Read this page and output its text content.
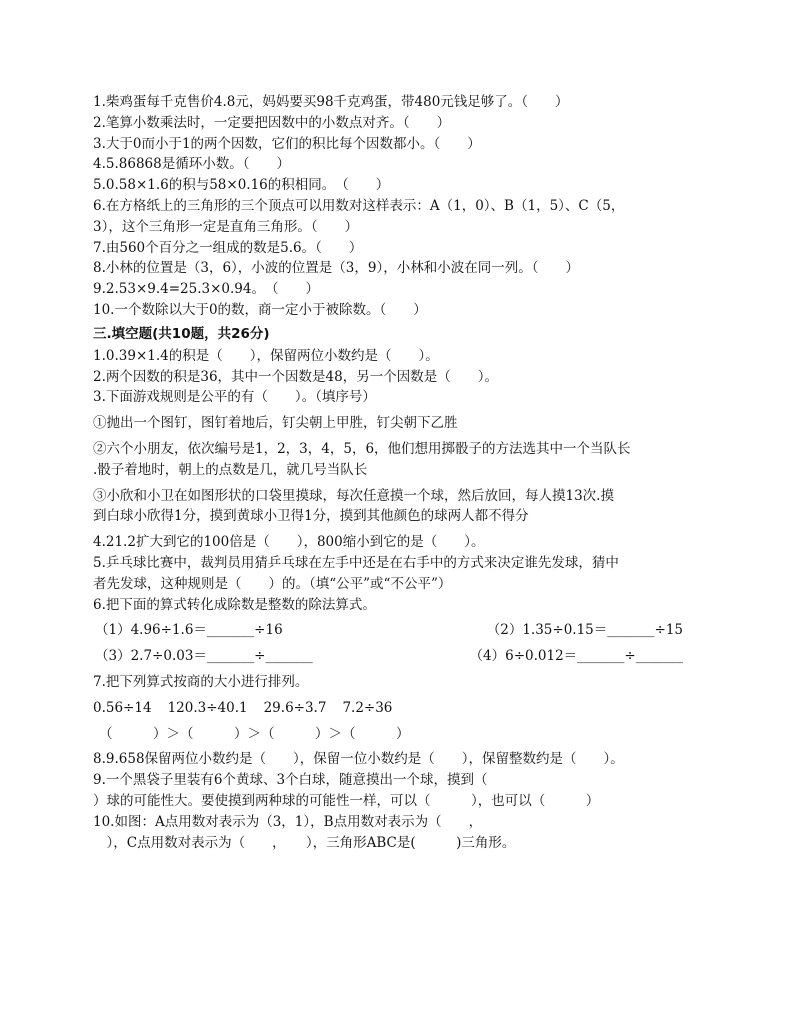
1.柴鸡蛋每千克售价4.8元，妈妈要买98千克鸡蛋，带480元钱足够了。（　　）
2.笔算小数乘法时，一定要把因数中的小数点对齐。（　　）
3.大于0而小于1的两个因数，它们的积比每个因数都小。（　　）
4.5.86868是循环小数。（　　）
5.0.58×1.6的积与58×0.16的积相同。　（　　）
6.在方格纸上的三角形的三个顶点可以用数对这样表示：A（1，0）、B（1，5）、C（5，
3），这个三角形一定是直角三角形。（　　）
7.由560个百分之一组成的数是5.6。（　　）
8.小林的位置是（3，6），小波的位置是（3，9），小林和小波在同一列。（　　）
9.2.53×9.4=25.3×0.94。　（　　）
10.一个数除以大于0的数，商一定小于被除数。（　　）
三.填空题(共10题，共26分)
1.0.39×1.4的积是（　　），保留两位小数约是（　　）。
2.两个因数的积是36，其中一个因数是48，另一个因数是（　　）。
3.下面游戏规则是公平的有（　　）。（填序号）
①抛出一个图钉，图钉着地后，钉尖朝上甲胜，钉尖朝下乙胜
②六个小朋友，依次编号是1，2，3，4，5，6，他们想用掷骰子的方法选其中一个当队长
.骰子着地时，朝上的点数是几，就几号当队长
③小欣和小卫在如图形状的口袋里摸球，每次任意摸一个球，然后放回，每人摸13次.摸
到白球小欣得1分，摸到黄球小卫得1分，摸到其他颜色的球两人都不得分
4.21.2扩大到它的100倍是（　　），800缩小到它的是（　　）。
5.乒乓球比赛中，裁判员用猜乒乓球在左手中还是在右手中的方式来决定谁先发球，猜中
者先发球，这种规则是（　　）的。（填“公平”或“不公平”）
6.把下面的算式转化成除数是整数的除法算式。
（1）4.96÷1.6＝_______÷16	（2）1.35÷0.15＝_______÷15
（3）2.7÷0.03＝_______÷_______	（4）6÷0.012＝_______÷_______
7.把下列算式按商的大小进行排列。
0.56÷14 120.3÷40.1 29.6÷3.7 7.2÷36
（　　　）＞（　　　）＞（　　　）＞（　　　）
8.9.658保留两位小数约是（　　），保留一位小数约是（　　），保留整数约是（　　）。
9.一个黑袋子里装有6个黄球、3个白球，随意摸出一个球，摸到（
）球的可能性大。要使摸到两种球的可能性一样，可以（　　　），也可以（　　　）
10.如图：A点用数对表示为（3，1），B点用数对表示为（　　，
　），C点用数对表示为（　　，　　），三角形ABC是(　　　)三角形。
